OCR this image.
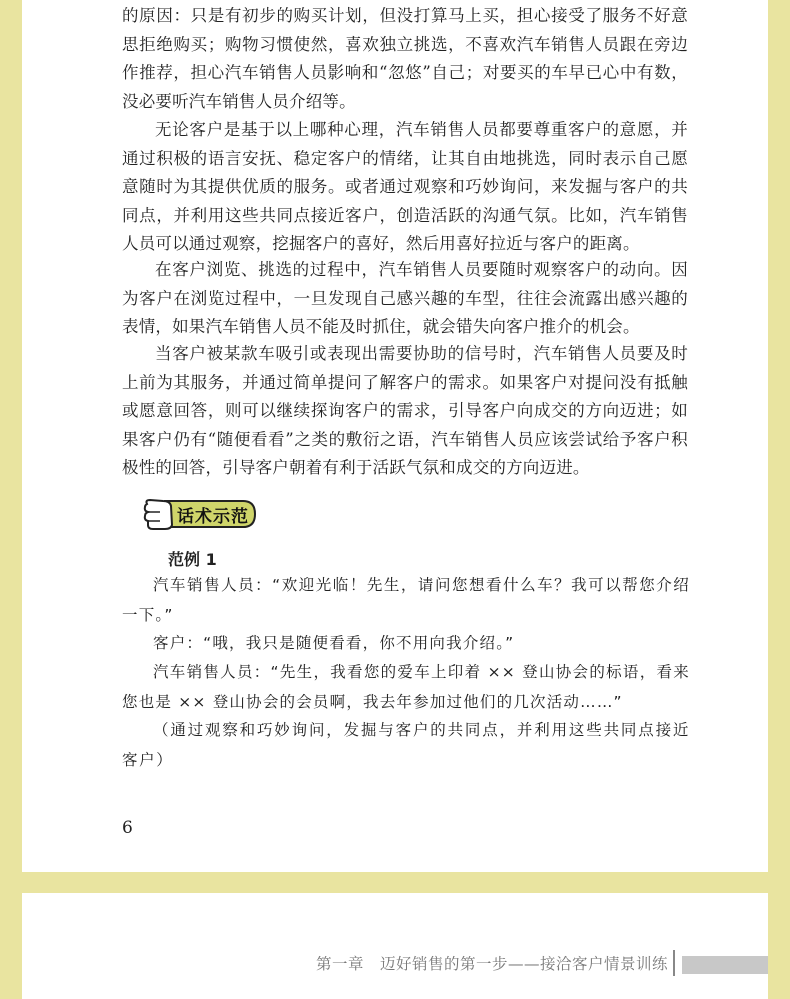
的原因：只是有初步的购买计划，但没打算马上买，担心接受了服务不好意思拒绝购买；购物习惯使然，喜欢独立挑选，不喜欢汽车销售人员跟在旁边作推荐，担心汽车销售人员影响和“忽悠”自己；对要买的车早已心中有数，没必要听汽车销售人员介绍等。

无论客户是基于以上哪种心理，汽车销售人员都要尊重客户的意愿，并通过积极的语言安抚、稳定客户的情绪，让其自由地挑选，同时表示自己愿意随时为其提供优质的服务。或者通过观察和巧妙询问，来发掘与客户的共同点，并利用这些共同点接近客户，创造活跃的沟通气氛。比如，汽车销售人员可以通过观察，挖掘客户的喜好，然后用喜好拉近与客户的距离。

在客户浏览、挑选的过程中，汽车销售人员要随时观察客户的动向。因为客户在浏览过程中，一旦发现自己感兴趣的车型，往往会流露出感兴趣的表情，如果汽车销售人员不能及时抓住，就会错失向客户推介的机会。

当客户被某款车吸引或表现出需要协助的信号时，汽车销售人员要及时上前为其服务，并通过简单提问了解客户的需求。如果客户对提问没有抵触或愿意回答，则可以继续探询客户的需求，引导客户向成交的方向迈进；如果客户仍有“随便看看”之类的敷衍之语，汽车销售人员应该尝试给予客户积极性的回答，引导客户朝着有利于活跃气氛和成交的方向迈进。

话术示范
范例 1

汽车销售人员：“欢迎光临！先生，请问您想看什么车？我可以帮您介绍一下。”

客户：“哦，我只是随便看看，你不用向我介绍。”

汽车销售人员：“先生，我看您的爱车上印着 ×× 登山协会的标语，看来您也是 ×× 登山协会的会员啊，我去年参加过他们的几次活动……”

（通过观察和巧妙询问，发掘与客户的共同点，并利用这些共同点接近客户）

6
第一章　迈好销售的第一步——接洽客户情景训练
